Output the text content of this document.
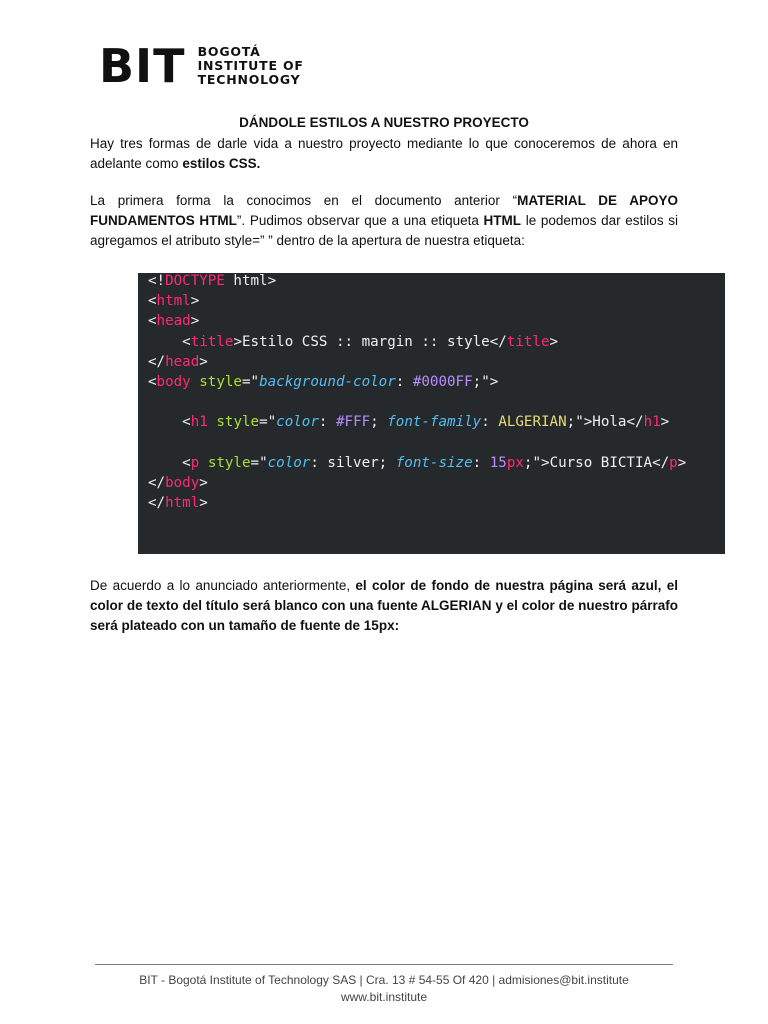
BIT BOGOTÁ
INSTITUTE OF
TECHNOLOGY
DÁNDOLE ESTILOS A NUESTRO PROYECTO

Hay tres formas de darle vida a nuestro proyecto mediante lo que conoceremos de ahora en adelante como estilos CSS.

La primera forma la conocimos en el documento anterior “MATERIAL DE APOYO FUNDAMENTOS HTML”. Pudimos observar que a una etiqueta HTML le podemos dar estilos si agregamos el atributo style=” ” dentro de la apertura de nuestra etiqueta:

<!DOCTYPE html>
<html>
<head>
<title>Estilo CSS :: margin :: style</title>
</head>
<body style="background-color: #0000FF;">

<h1 style="color: #FFF; font-family: ALGERIAN;">Hola</h1>

<p style="color: silver; font-size: 15px;">Curso BICTIA</p>
</body>
</html>

De acuerdo a lo anunciado anteriormente, el color de fondo de nuestra página será azul, el color de texto del título será blanco con una fuente ALGERIAN y el color de nuestro párrafo será plateado con un tamaño de fuente de 15px:

BIT - Bogotá Institute of Technology SAS | Cra. 13 # 54-55 Of 420 | admisiones@bit.institute
www.bit.institute
